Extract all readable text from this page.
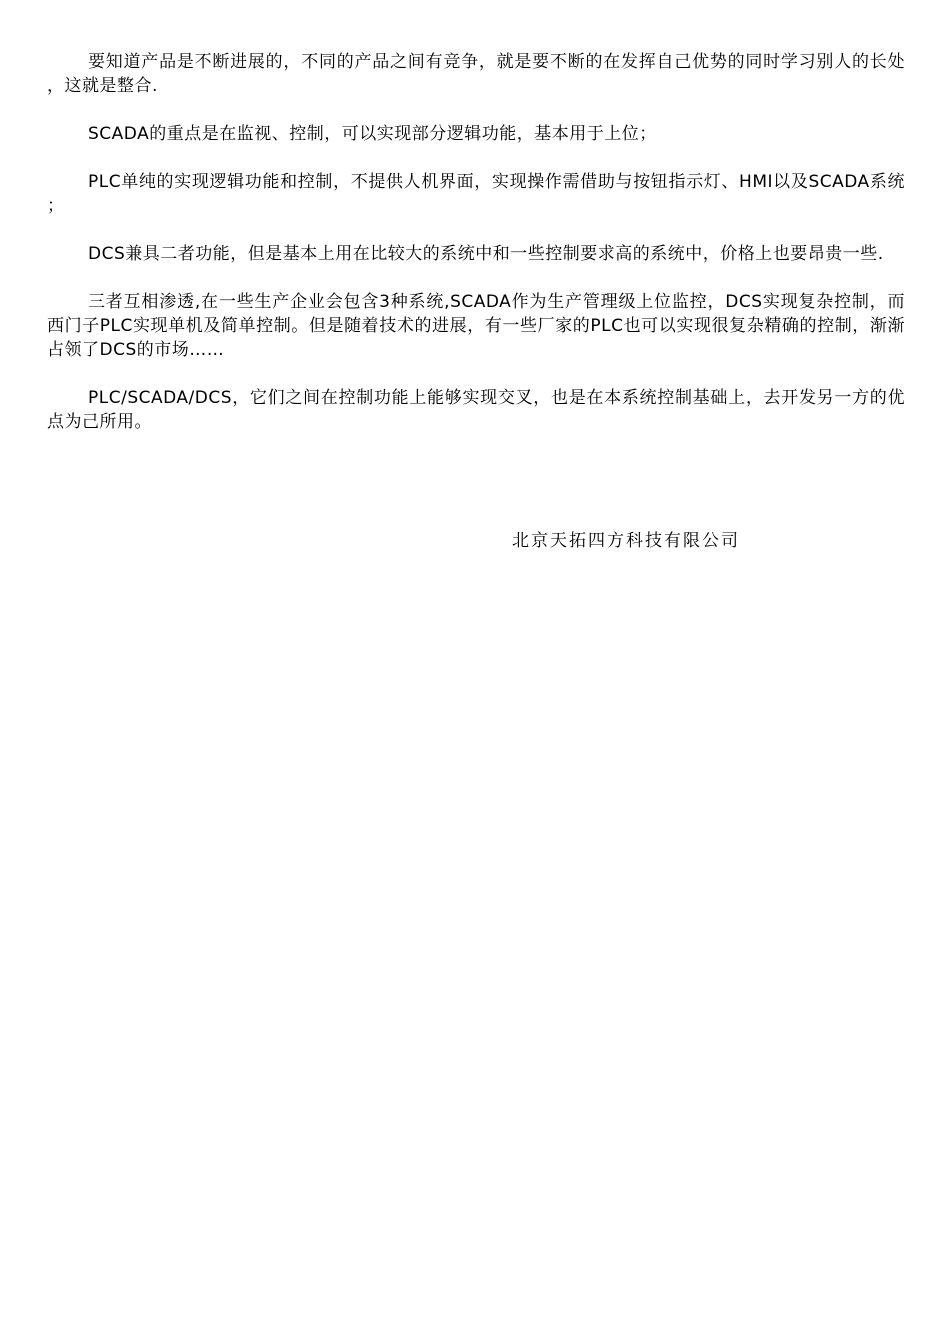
要知道产品是不断进展的，不同的产品之间有竞争，就是要不断的在发挥自己优势的同时学习别人的长处，这就是整合.

SCADA的重点是在监视、控制，可以实现部分逻辑功能，基本用于上位；

PLC单纯的实现逻辑功能和控制，不提供人机界面，实现操作需借助与按钮指示灯、HMI以及SCADA系统；

DCS兼具二者功能，但是基本上用在比较大的系统中和一些控制要求高的系统中，价格上也要昂贵一些.

三者互相渗透,在一些生产企业会包含3种系统,SCADA作为生产管理级上位监控，DCS实现复杂控制，而西门子PLC实现单机及简单控制。但是随着技术的进展，有一些厂家的PLC也可以实现很复杂精确的控制，渐渐占领了DCS的市场……

PLC/SCADA/DCS，它们之间在控制功能上能够实现交叉，也是在本系统控制基础上，去开发另一方的优点为己所用。

北京天拓四方科技有限公司
